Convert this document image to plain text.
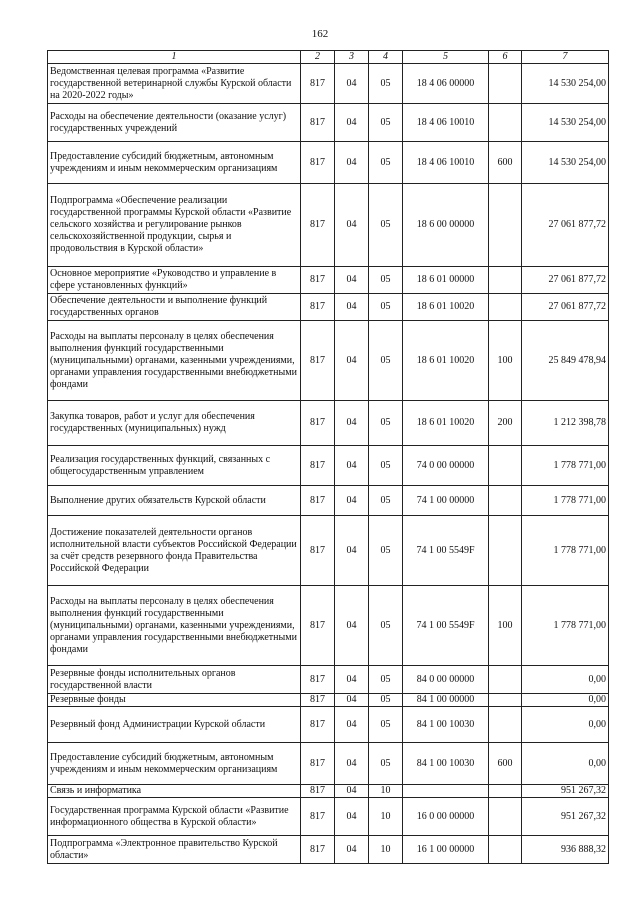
162
1	2	3	4	5	6	7
Ведомственная целевая программа «Развитие государственной ветеринарной службы Курской области на 2020-2022 годы»	817	04	05	18 4 06 00000		14 530 254,00
Расходы на обеспечение деятельности (оказание услуг) государственных учреждений	817	04	05	18 4 06 10010		14 530 254,00
Предоставление субсидий бюджетным, автономным учреждениям и иным некоммерческим организациям	817	04	05	18 4 06 10010	600	14 530 254,00
Подпрограмма «Обеспечение реализации государственной программы Курской области «Развитие сельского хозяйства и регулирование рынков сельскохозяйственной продукции, сырья и продовольствия в Курской области»	817	04	05	18 6 00 00000		27 061 877,72
Основное мероприятие «Руководство и управление в сфере установленных функций»	817	04	05	18 6 01 00000		27 061 877,72
Обеспечение деятельности и выполнение функций государственных органов	817	04	05	18 6 01 10020		27 061 877,72
Расходы на выплаты персоналу в целях обеспечения выполнения функций государственными (муниципальными) органами, казенными учреждениями, органами управления государственными внебюджетными фондами	817	04	05	18 6 01 10020	100	25 849 478,94
Закупка товаров, работ и услуг для обеспечения государственных (муниципальных) нужд	817	04	05	18 6 01 10020	200	1 212 398,78
Реализация государственных функций, связанных с общегосударственным управлением	817	04	05	74 0 00 00000		1 778 771,00
Выполнение других обязательств Курской области	817	04	05	74 1 00 00000		1 778 771,00
Достижение показателей деятельности органов исполнительной власти субъектов Российской Федерации за счёт средств резервного фонда Правительства Российской Федерации	817	04	05	74 1 00 5549F		1 778 771,00
Расходы на выплаты персоналу в целях обеспечения выполнения функций государственными (муниципальными) органами, казенными учреждениями, органами управления государственными внебюджетными фондами	817	04	05	74 1 00 5549F	100	1 778 771,00
Резервные фонды исполнительных органов государственной власти	817	04	05	84 0 00 00000		0,00
Резервные фонды	817	04	05	84 1 00 00000		0,00
Резервный фонд Администрации Курской области	817	04	05	84 1 00 10030		0,00
Предоставление субсидий бюджетным, автономным учреждениям и иным некоммерческим организациям	817	04	05	84 1 00 10030	600	0,00
Связь и информатика	817	04	10			951 267,32
Государственная программа Курской области «Развитие информационного общества в Курской области»	817	04	10	16 0 00 00000		951 267,32
Подпрограмма «Электронное правительство Курской области»	817	04	10	16 1 00 00000		936 888,32
